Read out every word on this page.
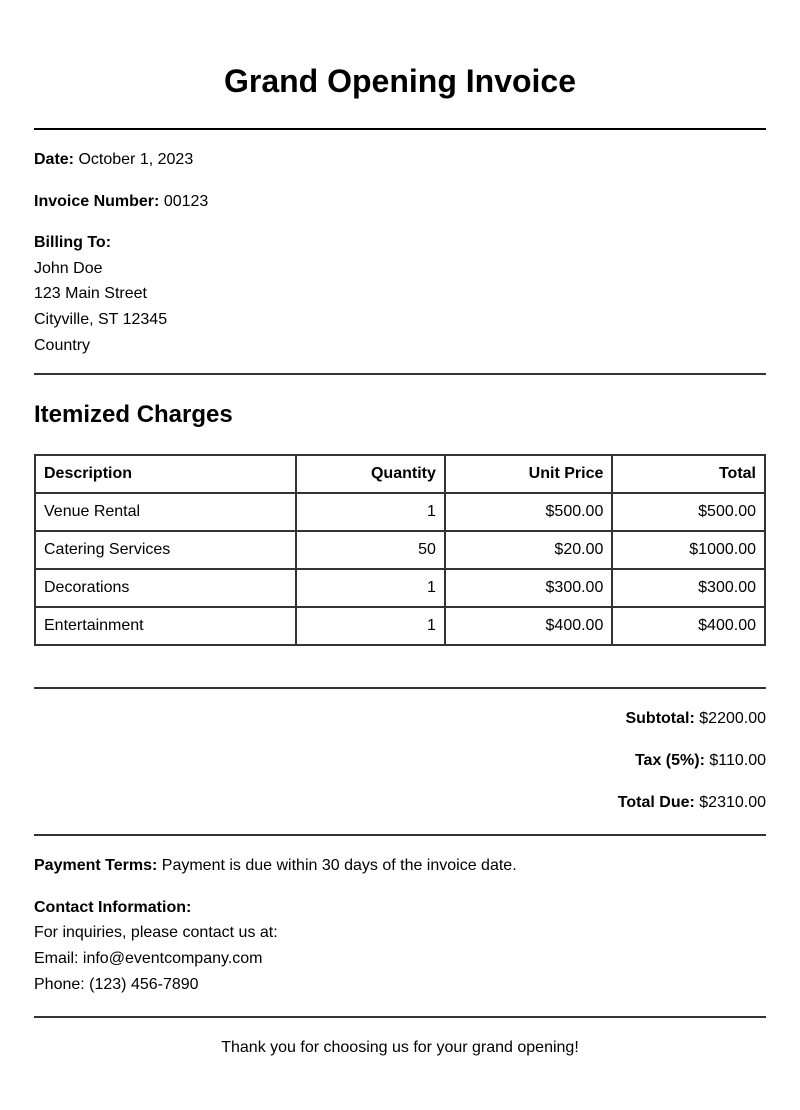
Grand Opening Invoice
Date: October 1, 2023
Invoice Number: 00123
Billing To:
John Doe
123 Main Street
Cityville, ST 12345
Country
Itemized Charges
Description	Quantity	Unit Price	Total
Venue Rental	1	$500.00	$500.00
Catering Services	50	$20.00	$1000.00
Decorations	1	$300.00	$300.00
Entertainment	1	$400.00	$400.00
Subtotal: $2200.00
Tax (5%): $110.00
Total Due: $2310.00
Payment Terms: Payment is due within 30 days of the invoice date.
Contact Information:
For inquiries, please contact us at:
Email: info@eventcompany.com
Phone: (123) 456-7890
Thank you for choosing us for your grand opening!
